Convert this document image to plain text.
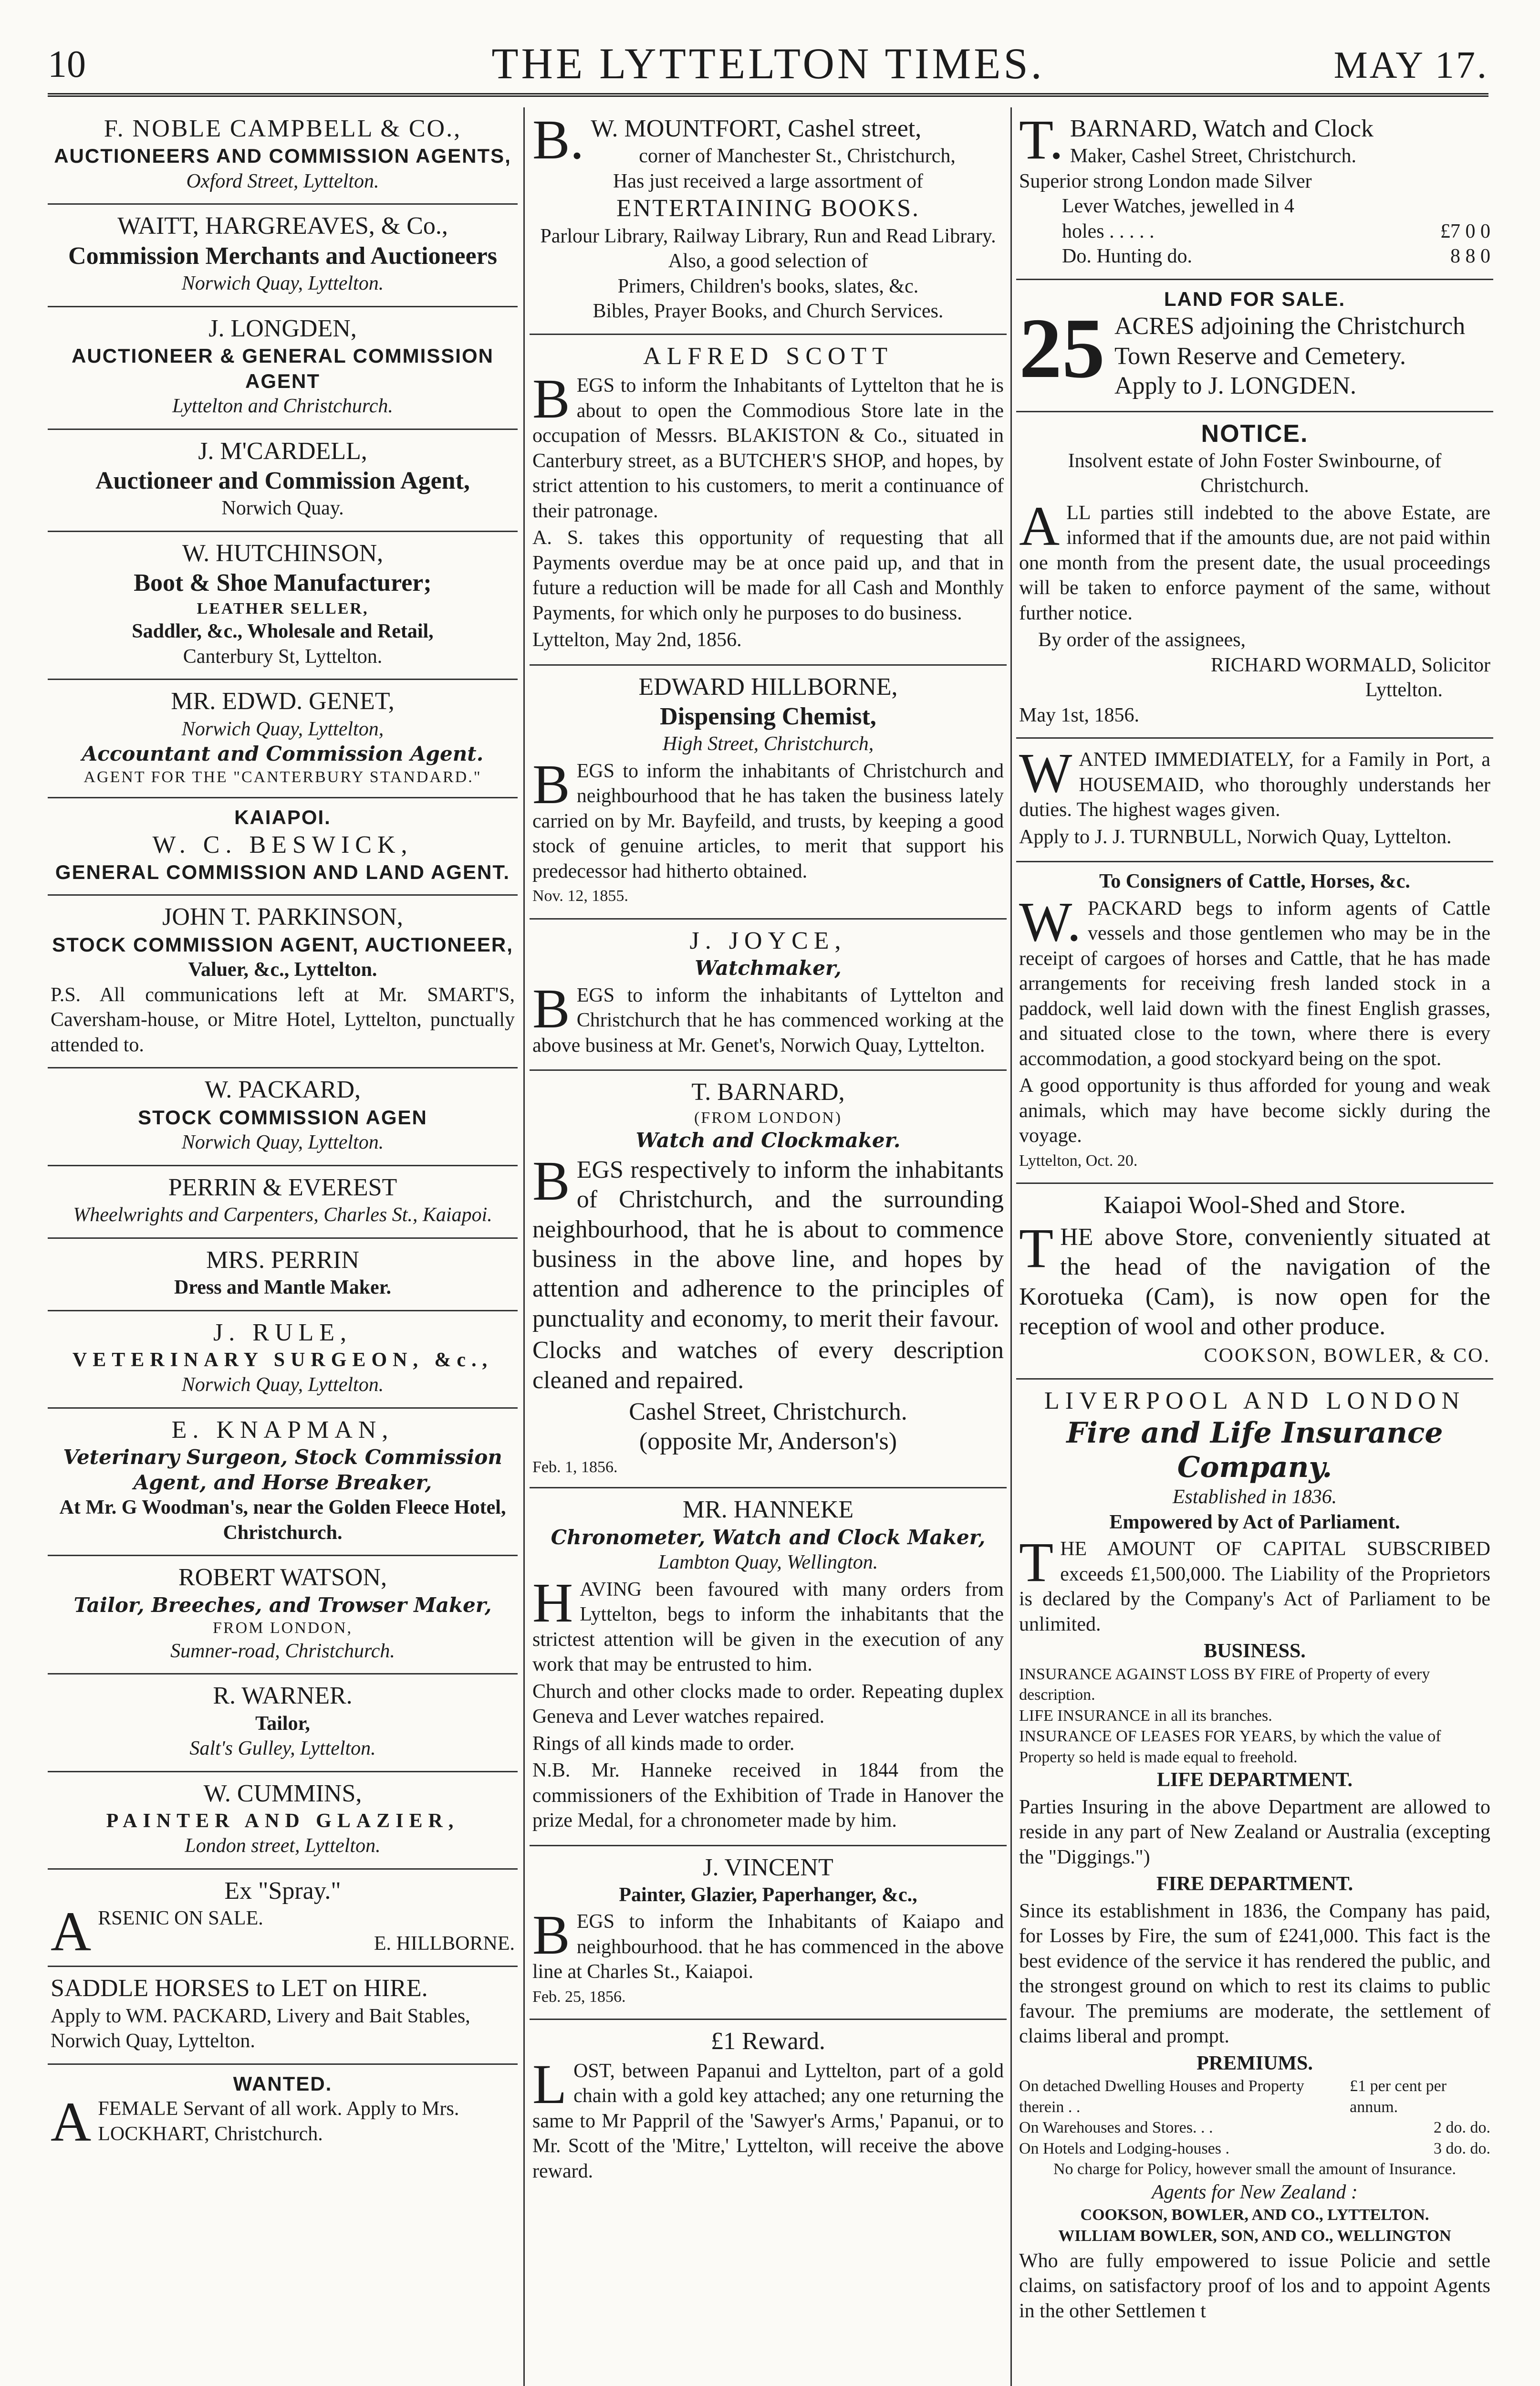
10	THE LYTTELTON TIMES.	MAY 17.
F. NOBLE CAMPBELL & CO.,
AUCTIONEERS AND COMMISSION AGENTS,
Oxford Street, Lyttelton.
WAITT, HARGREAVES, & Co.,
Commission Merchants and Auctioneers
Norwich Quay, Lyttelton.
J. LONGDEN,
AUCTIONEER & GENERAL COMMISSION AGENT
Lyttelton and Christchurch.
J. M'CARDELL,
Auctioneer and Commission Agent,
Norwich Quay.
W. HUTCHINSON,
Boot & Shoe Manufacturer;
LEATHER SELLER,
Saddler, &c., Wholesale and Retail,
Canterbury St, Lyttelton.
MR. EDWD. GENET,
Norwich Quay, Lyttelton,
Accountant and Commission Agent.
AGENT FOR THE "CANTERBURY STANDARD."
KAIAPOI.
W. C. BESWICK,
GENERAL COMMISSION AND LAND AGENT.
JOHN T. PARKINSON,
STOCK COMMISSION AGENT, AUCTIONEER,
Valuer, &c., Lyttelton.
P.S. All communications left at Mr. SMART'S, Caversham-house, or Mitre Hotel, Lyttelton, punctually attended to.
W. PACKARD,
STOCK COMMISSION AGEN
Norwich Quay, Lyttelton.
PERRIN & EVEREST
Wheelwrights and Carpenters, Charles St., Kaiapoi.
MRS. PERRIN
Dress and Mantle Maker.
J. RULE,
VETERINARY SURGEON, &c.,
Norwich Quay, Lyttelton.
E. KNAPMAN,
Veterinary Surgeon, Stock Commission Agent, and Horse Breaker,
At Mr. G Woodman's, near the Golden Fleece Hotel, Christchurch.
ROBERT WATSON,
Tailor, Breeches, and Trowser Maker,
FROM LONDON,
Sumner-road, Christchurch.
R. WARNER.
Tailor,
Salt's Gulley, Lyttelton.
W. CUMMINS,
PAINTER AND GLAZIER,
London street, Lyttelton.
Ex "Spray."
ARSENIC ON SALE.
E. HILLBORNE.
SADDLE HORSES to LET on HIRE.
Apply to WM. PACKARD, Livery and Bait Stables, Norwich Quay, Lyttelton.
WANTED.
AFEMALE Servant of all work. Apply to Mrs. LOCKHART, Christchurch.
B.W. MOUNTFORT, Cashel street,
corner of Manchester St., Christchurch,
Has just received a large assortment of
ENTERTAINING BOOKS.
Parlour Library, Railway Library, Run and Read Library.
Also, a good selection of
Primers, Children's books, slates, &c.
Bibles, Prayer Books, and Church Services.
ALFRED SCOTT

BEGS to inform the Inhabitants of Lyttelton that he is about to open the Commodious Store late in the occupation of Messrs. BLAKISTON & Co., situated in Canterbury street, as a BUTCHER'S SHOP, and hopes, by strict attention to his customers, to merit a continuance of their patronage.

A. S. takes this opportunity of requesting that all Payments overdue may be at once paid up, and that in future a reduction will be made for all Cash and Monthly Payments, for which only he purposes to do business.

Lyttelton, May 2nd, 1856.

EDWARD HILLBORNE,
Dispensing Chemist,
High Street, Christchurch,

BEGS to inform the inhabitants of Christchurch and neighbourhood that he has taken the business lately carried on by Mr. Bayfeild, and trusts, by keeping a good stock of genuine articles, to merit that support his predecessor had hitherto obtained.

Nov. 12, 1855.

J. JOYCE,
Watchmaker,

BEGS to inform the inhabitants of Lyttelton and Christchurch that he has commenced working at the above business at Mr. Genet's, Norwich Quay, Lyttelton.

T. BARNARD,
(FROM LONDON)
Watch and Clockmaker.

BEGS respectively to inform the inhabitants of Christchurch, and the surrounding neighbourhood, that he is about to commence business in the above line, and hopes by attention and adherence to the principles of punctuality and economy, to merit their favour.

Clocks and watches of every description cleaned and repaired.

Cashel Street, Christchurch.
(opposite Mr, Anderson's)
Feb. 1, 1856.
MR. HANNEKE
Chronometer, Watch and Clock Maker,
Lambton Quay, Wellington.

HAVING been favoured with many orders from Lyttelton, begs to inform the inhabitants that the strictest attention will be given in the execution of any work that may be entrusted to him.

Church and other clocks made to order. Repeating duplex Geneva and Lever watches repaired.

Rings of all kinds made to order.

N.B. Mr. Hanneke received in 1844 from the commissioners of the Exhibition of Trade in Hanover the prize Medal, for a chronometer made by him.

J. VINCENT
Painter, Glazier, Paperhanger, &c.,

BEGS to inform the Inhabitants of Kaiapo and neighbourhood. that he has commenced in the above line at Charles St., Kaiapoi.

Feb. 25, 1856.

£1 Reward.

LOST, between Papanui and Lyttelton, part of a gold chain with a gold key attached; any one returning the same to Mr Pappril of the 'Sawyer's Arms,' Papanui, or to Mr. Scott of the 'Mitre,' Lyttelton, will receive the above reward.

T.BARNARD, Watch and Clock
Maker, Cashel Street, Christchurch.
Superior strong London made Silver
Lever Watches, jewelled in 4
holes . . . . .	£7 0 0
Do. Hunting do.	8 8 0
LAND FOR SALE.
25 ACRES adjoining the Christchurch Town Reserve and Cemetery.
Apply to J. LONGDEN.
NOTICE.
Insolvent estate of John Foster Swinbourne, of Christchurch.

ALL parties still indebted to the above Estate, are informed that if the amounts due, are not paid within one month from the present date, the usual proceedings will be taken to enforce payment of the same, without further notice.

By order of the assignees,
RICHARD WORMALD, Solicitor
Lyttelton.
May 1st, 1856.

WANTED IMMEDIATELY, for a Family in Port, a HOUSEMAID, who thoroughly understands her duties. The highest wages given.

Apply to J. J. TURNBULL, Norwich Quay, Lyttelton.

To Consigners of Cattle, Horses, &c.

W.PACKARD begs to inform agents of Cattle vessels and those gentlemen who may be in the receipt of cargoes of horses and Cattle, that he has made arrangements for receiving fresh landed stock in a paddock, well laid down with the finest English grasses, and situated close to the town, where there is every accommodation, a good stockyard being on the spot.

A good opportunity is thus afforded for young and weak animals, which may have become sickly during the voyage.

Lyttelton, Oct. 20.

Kaiapoi Wool-Shed and Store.

THE above Store, conveniently situated at the head of the navigation of the Korotueka (Cam), is now open for the reception of wool and other produce.

COOKSON, BOWLER, & CO.
LIVERPOOL AND LONDON
Fire and Life Insurance Company.
Established in 1836.
Empowered by Act of Parliament.

THE AMOUNT OF CAPITAL SUBSCRIBED exceeds £1,500,000. The Liability of the Proprietors is declared by the Company's Act of Parliament to be unlimited.

BUSINESS.
INSURANCE AGAINST LOSS BY FIRE of Property of every description.
LIFE INSURANCE in all its branches.
INSURANCE OF LEASES FOR YEARS, by which the value of Property so held is made equal to freehold.
LIFE DEPARTMENT.

Parties Insuring in the above Department are allowed to reside in any part of New Zealand or Australia (excepting the "Diggings.")

FIRE DEPARTMENT.

Since its establishment in 1836, the Company has paid, for Losses by Fire, the sum of £241,000. This fact is the best evidence of the service it has rendered the public, and the strongest ground on which to rest its claims to public favour. The premiums are moderate, the settlement of claims liberal and prompt.

PREMIUMS.
On detached Dwelling Houses and Property therein . .
£1 per cent per annum.
On Warehouses and Stores. . .	2 do. do.
On Hotels and Lodging-houses .	3 do. do.
No charge for Policy, however small the amount of Insurance.
Agents for New Zealand :
COOKSON, BOWLER, AND CO., LYTTELTON.
WILLIAM BOWLER, SON, AND CO., WELLINGTON

Who are fully empowered to issue Policie and settle claims, on satisfactory proof of los and to appoint Agents in the other Settlemen t
